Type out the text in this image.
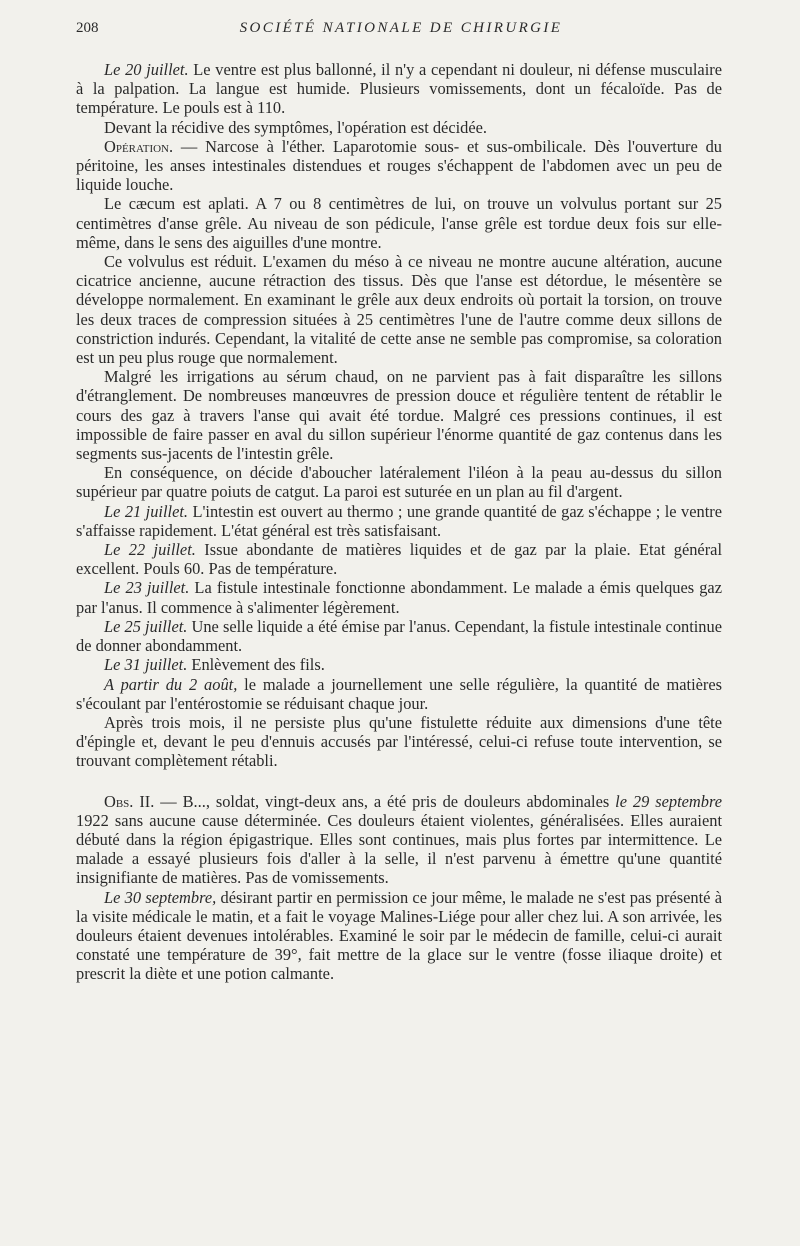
208	SOCIÉTÉ NATIONALE DE CHIRURGIE

Le 20 juillet. Le ventre est plus ballonné, il n'y a cependant ni douleur, ni défense musculaire à la palpation. La langue est humide. Plusieurs vomissements, dont un fécaloïde. Pas de température. Le pouls est à 110.

Devant la récidive des symptômes, l'opération est décidée.

Opération. — Narcose à l'éther. Laparotomie sous- et sus-ombilicale. Dès l'ouverture du péritoine, les anses intestinales distendues et rouges s'échappent de l'abdomen avec un peu de liquide louche.

Le cæcum est aplati. A 7 ou 8 centimètres de lui, on trouve un volvulus portant sur 25 centimètres d'anse grêle. Au niveau de son pédicule, l'anse grêle est tordue deux fois sur elle-même, dans le sens des aiguilles d'une montre.

Ce volvulus est réduit. L'examen du méso à ce niveau ne montre aucune altération, aucune cicatrice ancienne, aucune rétraction des tissus. Dès que l'anse est détordue, le mésentère se développe normalement. En examinant le grêle aux deux endroits où portait la torsion, on trouve les deux traces de compression situées à 25 centimètres l'une de l'autre comme deux sillons de constriction indurés. Cependant, la vitalité de cette anse ne semble pas compromise, sa coloration est un peu plus rouge que normalement.

Malgré les irrigations au sérum chaud, on ne parvient pas à fait disparaître les sillons d'étranglement. De nombreuses manœuvres de pression douce et régulière tentent de rétablir le cours des gaz à travers l'anse qui avait été tordue. Malgré ces pressions continues, il est impossible de faire passer en aval du sillon supérieur l'énorme quantité de gaz contenus dans les segments sus-jacents de l'intestin grêle.

En conséquence, on décide d'aboucher latéralement l'iléon à la peau au-dessus du sillon supérieur par quatre poiuts de catgut. La paroi est suturée en un plan au fil d'argent.

Le 21 juillet. L'intestin est ouvert au thermo ; une grande quantité de gaz s'échappe ; le ventre s'affaisse rapidement. L'état général est très satisfaisant.

Le 22 juillet. Issue abondante de matières liquides et de gaz par la plaie. Etat général excellent. Pouls 60. Pas de température.

Le 23 juillet. La fistule intestinale fonctionne abondamment. Le malade a émis quelques gaz par l'anus. Il commence à s'alimenter légèrement.

Le 25 juillet. Une selle liquide a été émise par l'anus. Cependant, la fistule intestinale continue de donner abondamment.

Le 31 juillet. Enlèvement des fils.

A partir du 2 août, le malade a journellement une selle régulière, la quantité de matières s'écoulant par l'entérostomie se réduisant chaque jour.

Après trois mois, il ne persiste plus qu'une fistulette réduite aux dimensions d'une tête d'épingle et, devant le peu d'ennuis accusés par l'intéressé, celui-ci refuse toute intervention, se trouvant complètement rétabli.

Obs. II. — B..., soldat, vingt-deux ans, a été pris de douleurs abdominales le 29 septembre 1922 sans aucune cause déterminée. Ces douleurs étaient violentes, généralisées. Elles auraient débuté dans la région épigastrique. Elles sont continues, mais plus fortes par intermittence. Le malade a essayé plusieurs fois d'aller à la selle, il n'est parvenu à émettre qu'une quantité insignifiante de matières. Pas de vomissements.

Le 30 septembre, désirant partir en permission ce jour même, le malade ne s'est pas présenté à la visite médicale le matin, et a fait le voyage Malines-Liége pour aller chez lui. A son arrivée, les douleurs étaient devenues intolérables. Examiné le soir par le médecin de famille, celui-ci aurait constaté une température de 39°, fait mettre de la glace sur le ventre (fosse iliaque droite) et prescrit la diète et une potion calmante.
